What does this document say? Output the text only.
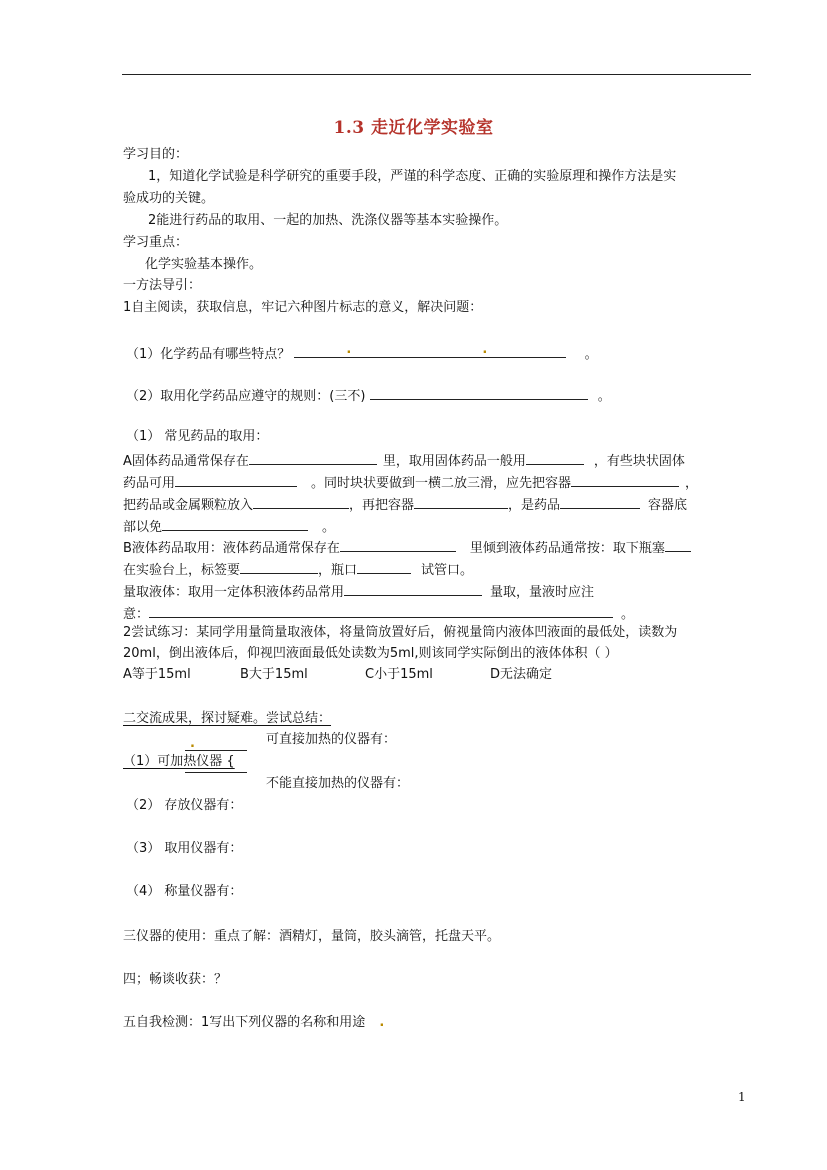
1.3 走近化学实验室
学习目的：
1，知道化学试验是科学研究的重要手段，严谨的科学态度、正确的实验原理和操作方法是实
验成功的关键。
2能进行药品的取用、一起的加热、洗涤仪器等基本实验操作。
学习重点：
化学实验基本操作。
一方法导引：
1自主阅读，获取信息，牢记六种图片标志的意义，解决问题：
（1）化学药品有哪些特点？	.	.	。
（2）取用化学药品应遵守的规则：(三不)	。
（1） 常见药品的取用：
A固体药品通常保存在	里，取用固体药品一般用	，有些块状固体
药品可用	。同时块状要做到一横二放三滑，应先把容器	，
把药品或金属颗粒放入	，再把容器	，是药品	容器底
部以免	。
B液体药品取用：液体药品通常保存在	里倾到液体药品通常按：取下瓶塞
在实验台上，标签要	，瓶口	试管口。
量取液体：取用一定体积液体药品常用	量取，量液时应注
意：	。
2尝试练习：某同学用量筒量取液体，将量筒放置好后，俯视量筒内液体凹液面的最低处，读数为
20ml，倒出液体后，仰视凹液面最低处读数为5ml,则该同学实际倒出的液体体积（ ）
A等于15ml	B大于15ml	C小于15ml	D无法确定
二交流成果，探讨疑难。尝试总结：
.	可直接加热的仪器有：
（1）可加热仪器 {
不能直接加热的仪器有：
（2） 存放仪器有：
（3） 取用仪器有：
（4） 称量仪器有：
三仪器的使用：重点了解：酒精灯，量筒，胶头滴管，托盘天平。
四；畅谈收获：？
五自我检测：1写出下列仪器的名称和用途 .
1
